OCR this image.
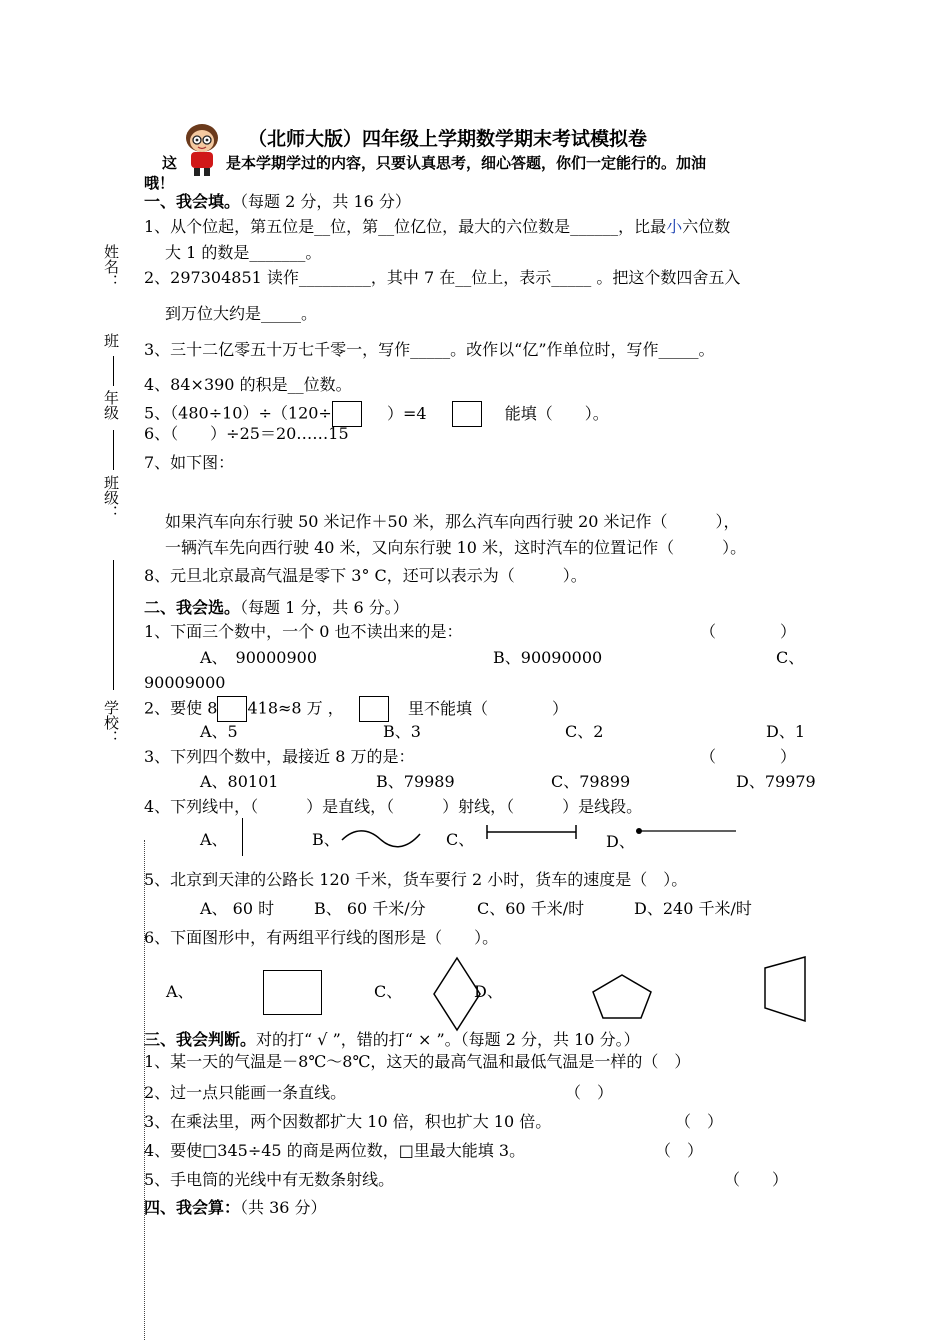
（北师大版）四年级上学期数学期末考试模拟卷
这	是本学期学过的内容，只要认真思考，细心答题，你们一定能行的。加油
哦！
姓名：
班
年级
班级：
学校：
一、我会填。（每题 2 分，共 16 分）
1、从个位起，第五位是__位，第__位亿位，最大的六位数是______，比最小六位数
大 1 的数是_______。
2、297304851 读作_________，其中 7 在__位上，表示_____ 。把这个数四舍五入
到万位大约是_____。
3、三十二亿零五十万七千零一，写作_____。改作以“亿”作单位时，写作_____。
4、84×390 的积是__位数。
5、（480÷10）÷（120÷	）=4	能填（　　）。
6、（　　）÷25＝20……15
7、如下图：
如果汽车向东行驶 50 米记作＋50 米，那么汽车向西行驶 20 米记作（　　　），
一辆汽车先向西行驶 40 米，又向东行驶 10 米，这时汽车的位置记作（　　　）。
8、元旦北京最高气温是零下 3° C，还可以表示为（　　　）。
二、我会选。（每题 1 分，共 6 分。）
1、下面三个数中，一个 0 也不读出来的是：	（　　　　）
A、　90000900	B、90090000	C、
90009000
2、要使 8 418≈8 万 ，	里不能填（　　　　）
A、5	B、3	C、2	D、1
3、下列四个数中，最接近 8 万的是：	（　　　　）
A、80101	B、79989	C、79899	D、79979
4、下列线中，（　　　）是直线，（　　　）射线，（　　　）是线段。
A、	B、	C、	D、
5、北京到天津的公路长 120 千米，货车要行 2 小时，货车的速度是（　）。
A、 60 时 B、 60 千米/分	C、60 千米/时	D、240 千米/时
6、下面图形中，有两组平行线的图形是（　　）。
A、	C、	D、
三、我会判断。对的打“ √ ”，错的打“ × ”。（每题 2 分，共 10 分。）
1、某一天的气温是－8℃～8℃，这天的最高气温和最低气温是一样的（　）
2、过一点只能画一条直线。	（　）
3、在乘法里，两个因数都扩大 10 倍，积也扩大 10 倍。	（　）
4、要使□345÷45 的商是两位数，□里最大能填 3。	（　）
5、手电筒的光线中有无数条射线。	（　　）
四、我会算：（共 36 分）
